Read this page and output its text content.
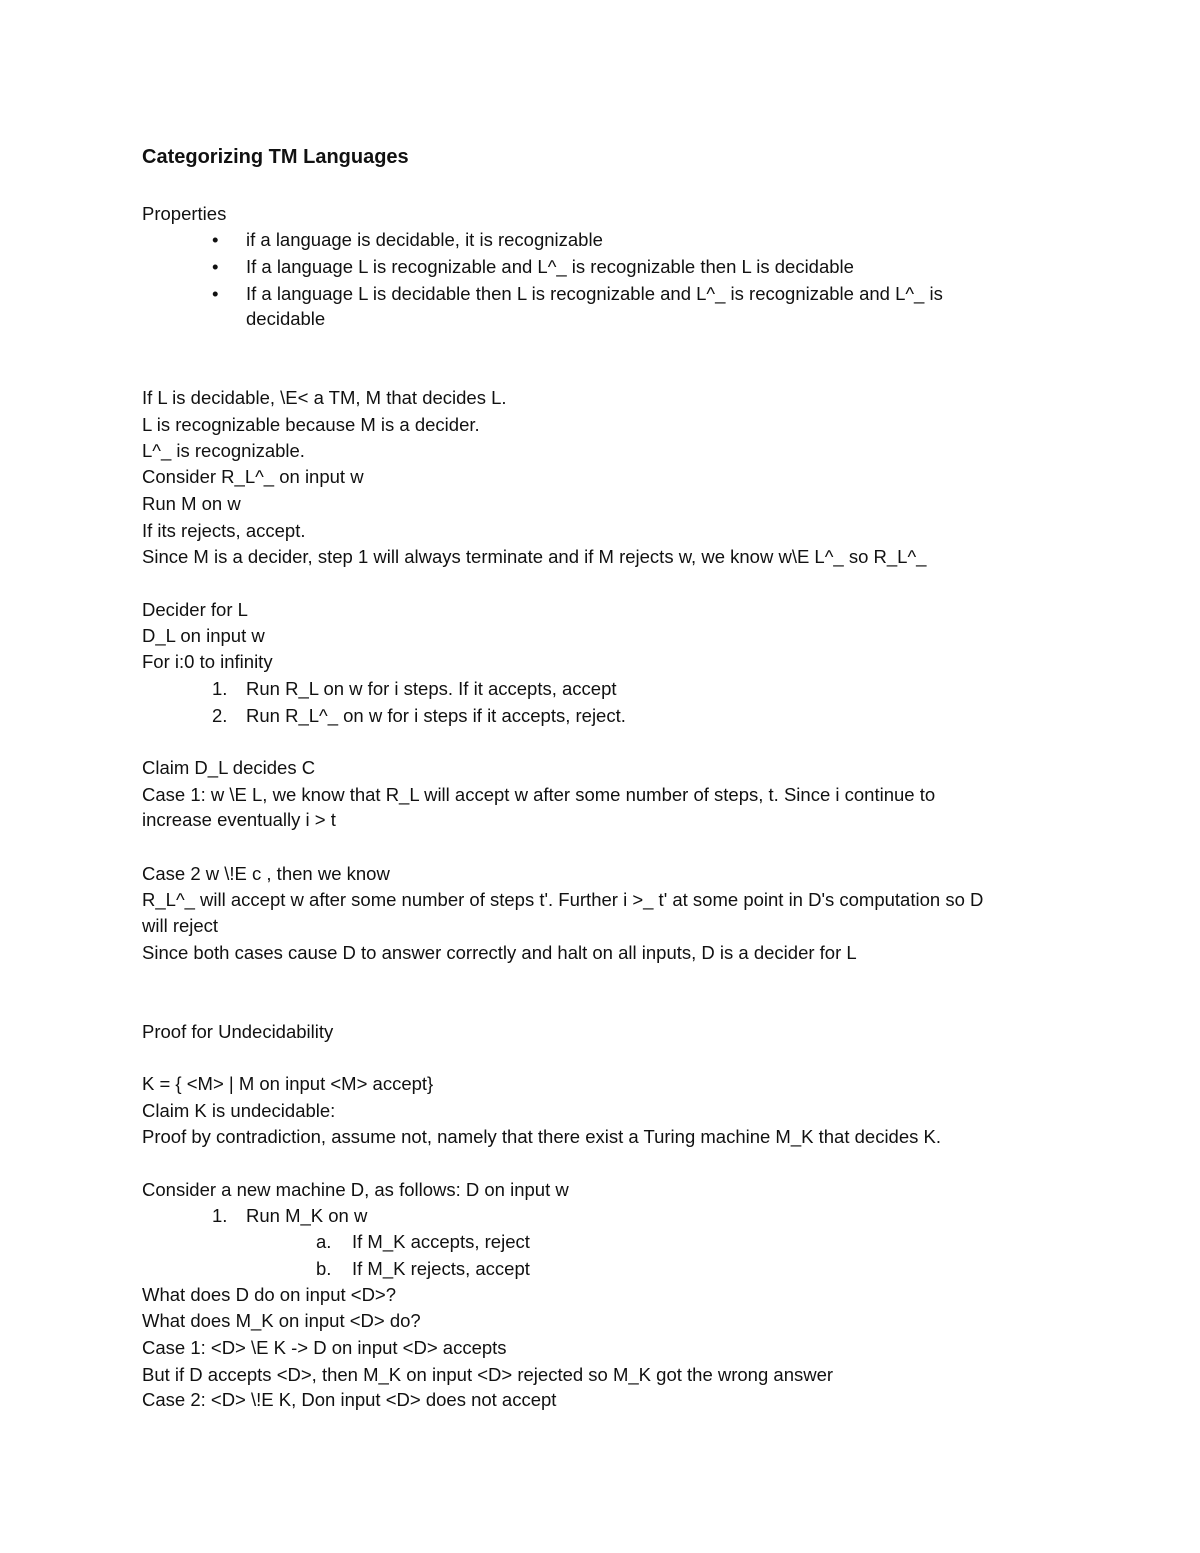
Categorizing TM Languages
Properties
• if a language is decidable, it is recognizable
• If a language L is recognizable and L^_ is recognizable then L is decidable
• If a language L is decidable then L is recognizable and L^_ is recognizable and L^_ is
decidable
If L is decidable, \E< a TM, M that decides L.
L is recognizable because M is a decider.
L^_ is recognizable.
Consider R_L^_ on input w
Run M on w
If its rejects, accept.
Since M is a decider, step 1 will always terminate and if M rejects w, we know w\E L^_ so R_L^_
Decider for L
D_L on input w
For i:0 to infinity
1. Run R_L on w for i steps. If it accepts, accept
2. Run R_L^_ on w for i steps if it accepts, reject.
Claim D_L decides C
Case 1: w \E L, we know that R_L will accept w after some number of steps, t. Since i continue to
increase eventually i > t
Case 2 w \!E c , then we know
R_L^_ will accept w after some number of steps t'. Further i >_ t' at some point in D's computation so D
will reject
Since both cases cause D to answer correctly and halt on all inputs, D is a decider for L
Proof for Undecidability
K = { <M> | M on input <M> accept}
Claim K is undecidable:
Proof by contradiction, assume not, namely that there exist a Turing machine M_K that decides K.
Consider a new machine D, as follows: D on input w
1. Run M_K on w
a. If M_K accepts, reject
b. If M_K rejects, accept
What does D do on input <D>?
What does M_K on input <D> do?
Case 1: <D> \E K -> D on input <D> accepts
But if D accepts <D>, then M_K on input <D> rejected so M_K got the wrong answer
Case 2: <D> \!E K, Don input <D> does not accept
